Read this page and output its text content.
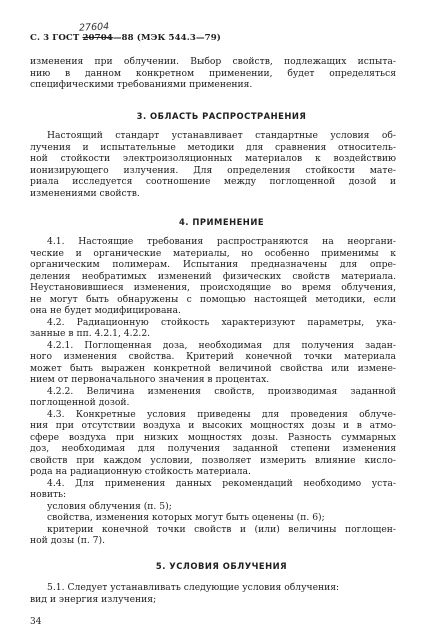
27604
С. 3 ГОСТ 20704—88 (МЭК 544.3—79)
изменения при облучении. Выбор свойств, подлежащих испыта-
нию в данном конкретном применении, будет определяться
специфическими требованиями применения.
3. ОБЛАСТЬ РАСПРОСТРАНЕНИЯ
Настоящий стандарт устанавливает стандартные условия об-
лучения и испытательные методики для сравнения относитель-
ной стойкости электроизоляционных материалов к воздействию
ионизирующего излучения. Для определения стойкости мате-
риала исследуется соотношение между поглощенной дозой и
изменениями свойств.
4. ПРИМЕНЕНИЕ
4.1. Настоящие требования распространяются на неоргани-
ческие и органические материалы, но особенно применимы к
органическим полимерам. Испытания предназначены для опре-
деления необратимых изменений физических свойств материала.
Неустановившиеся изменения, происходящие во время облучения,
не могут быть обнаружены с помощью настоящей методики, если
она не будет модифицирована.
4.2. Радиационную стойкость характеризуют параметры, ука-
занные в пп. 4.2.1, 4.2.2.
4.2.1. Поглощенная доза, необходимая для получения задан-
ного изменения свойства. Критерий конечной точки материала
может быть выражен конкретной величиной свойства или измене-
нием от первоначального значения в процентах.
4.2.2. Величина изменения свойств, производимая заданной
поглощенной дозой.
4.3. Конкретные условия приведены для проведения облуче-
ния при отсутствии воздуха и высоких мощностях дозы и в атмо-
сфере воздуха при низких мощностях дозы. Разность суммарных
доз, необходимая для получения заданной степени изменения
свойств при каждом условии, позволяет измерить влияние кисло-
рода на радиационную стойкость материала.
4.4. Для применения данных рекомендаций необходимо уста-
новить:
условия облучения (п. 5);
свойства, изменения которых могут быть оценены (п. 6);
критерии конечной точки свойств и (или) величины поглощен-
ной дозы (п. 7).
5. УСЛОВИЯ ОБЛУЧЕНИЯ
5.1. Следует устанавливать следующие условия облучения:
вид и энергия излучения;
34
